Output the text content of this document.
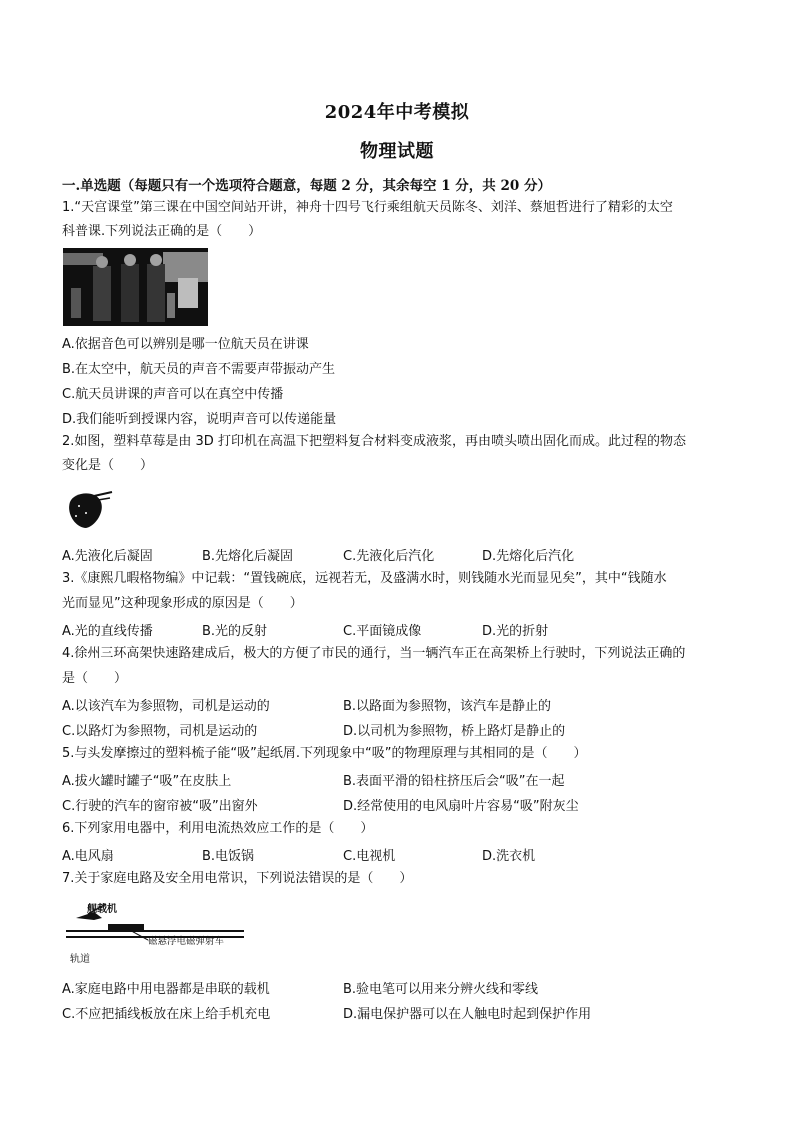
2024年中考模拟
物理试题
一.单选题（每题只有一个选项符合题意，每题 2 分，其余每空 1 分，共 20 分）
1.“天宫课堂”第三课在中国空间站开讲，神舟十四号飞行乘组航天员陈冬、刘洋、蔡旭哲进行了精彩的太空
科普课.下列说法正确的是（　　）
A.依据音色可以辨别是哪一位航天员在讲课
B.在太空中，航天员的声音不需要声带振动产生
C.航天员讲课的声音可以在真空中传播
D.我们能听到授课内容，说明声音可以传递能量
2.如图，塑料草莓是由 3D 打印机在高温下把塑料复合材料变成液浆，再由喷头喷出固化而成。此过程的物态
变化是（　　）
A.先液化后凝固	B.先熔化后凝固	C.先液化后汽化	D.先熔化后汽化
3.《康熙几暇格物编》中记载：“置钱碗底，远视若无，及盛满水时，则钱随水光而显见矣”，其中“钱随水
光而显见”这种现象形成的原因是（　　）
A.光的直线传播	B.光的反射	C.平面镜成像	D.光的折射
4.徐州三环高架快速路建成后，极大的方便了市民的通行，当一辆汽车正在高架桥上行驶时，下列说法正确的
是（　　）
A.以该汽车为参照物，司机是运动的	B.以路面为参照物，该汽车是静止的
C.以路灯为参照物，司机是运动的	D.以司机为参照物，桥上路灯是静止的
5.与头发摩擦过的塑料梳子能“吸”起纸屑.下列现象中“吸”的物理原理与其相同的是（　　）
A.拔火罐时罐子“吸”在皮肤上	B.表面平滑的铅柱挤压后会“吸”在一起
C.行驶的汽车的窗帘被“吸”出窗外	D.经常使用的电风扇叶片容易“吸”附灰尘
6.下列家用电器中，利用电流热效应工作的是（　　）
A.电风扇	B.电饭锅	C.电视机	D.洗衣机
7.关于家庭电路及安全用电常识，下列说法错误的是（　　）
舰载机
磁悬浮电磁弹射车
轨道
A.家庭电路中用电器都是串联的载机	B.验电笔可以用来分辨火线和零线
C.不应把插线板放在床上给手机充电	D.漏电保护器可以在人触电时起到保护作用
